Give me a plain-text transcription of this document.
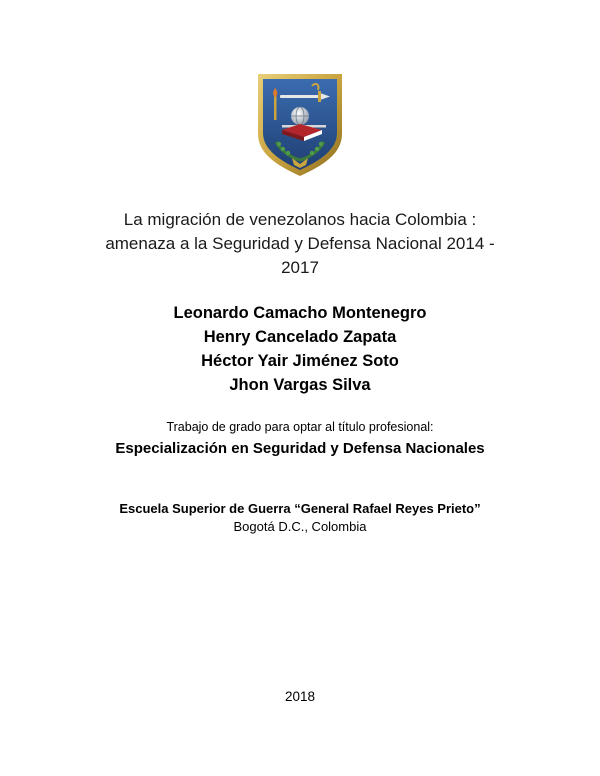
La migración de venezolanos hacia Colombia :
amenaza a la Seguridad y Defensa Nacional 2014 -
2017
Leonardo Camacho Montenegro
Henry Cancelado Zapata
Héctor Yair Jiménez Soto
Jhon Vargas Silva
Trabajo de grado para optar al título profesional:
Especialización en Seguridad y Defensa Nacionales
Escuela Superior de Guerra “General Rafael Reyes Prieto”
Bogotá D.C., Colombia
2018
